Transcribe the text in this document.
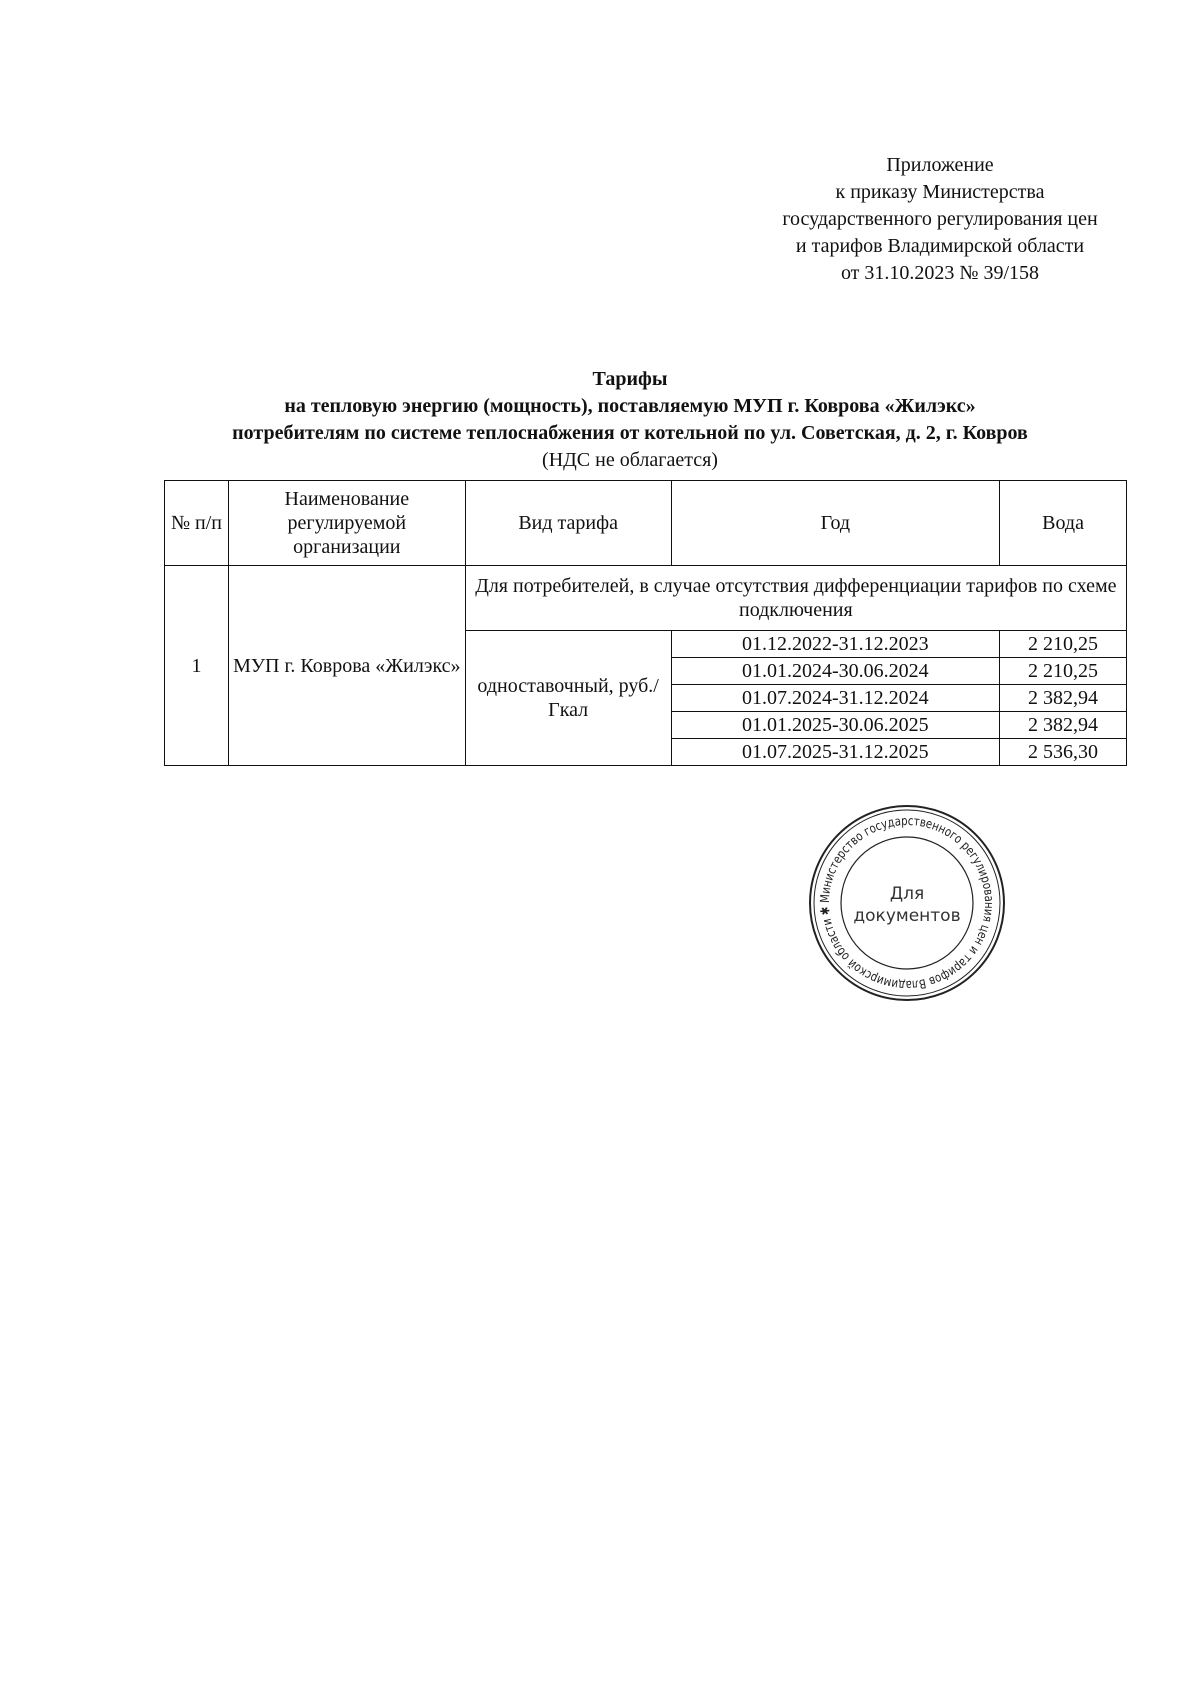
Приложение
к приказу Министерства
государственного регулирования цен
и тарифов Владимирской области
от 31.10.2023 № 39/158
Тарифы
на тепловую энергию (мощность), поставляемую МУП г. Коврова «Жилэкс»
потребителям по системе теплоснабжения от котельной по ул. Советская, д. 2, г. Ковров
(НДС не облагается)
№ п/п	Наименование регулируемой организации	Вид тарифа	Год	Вода
1	МУП г. Коврова «Жилэкс»	Для потребителей, в случае отсутствия дифференциации тарифов по схеме подключения		
		одноставочный, руб./Гкал	01.12.2022-31.12.2023	2 210,25
			01.01.2024-30.06.2024	2 210,25
			01.07.2024-31.12.2024	2 382,94
			01.01.2025-30.06.2025	2 382,94
			01.07.2025-31.12.2025	2 536,30
Министерство государственного регулирования цен и тарифов Владимирской области ✱
Для
документов
